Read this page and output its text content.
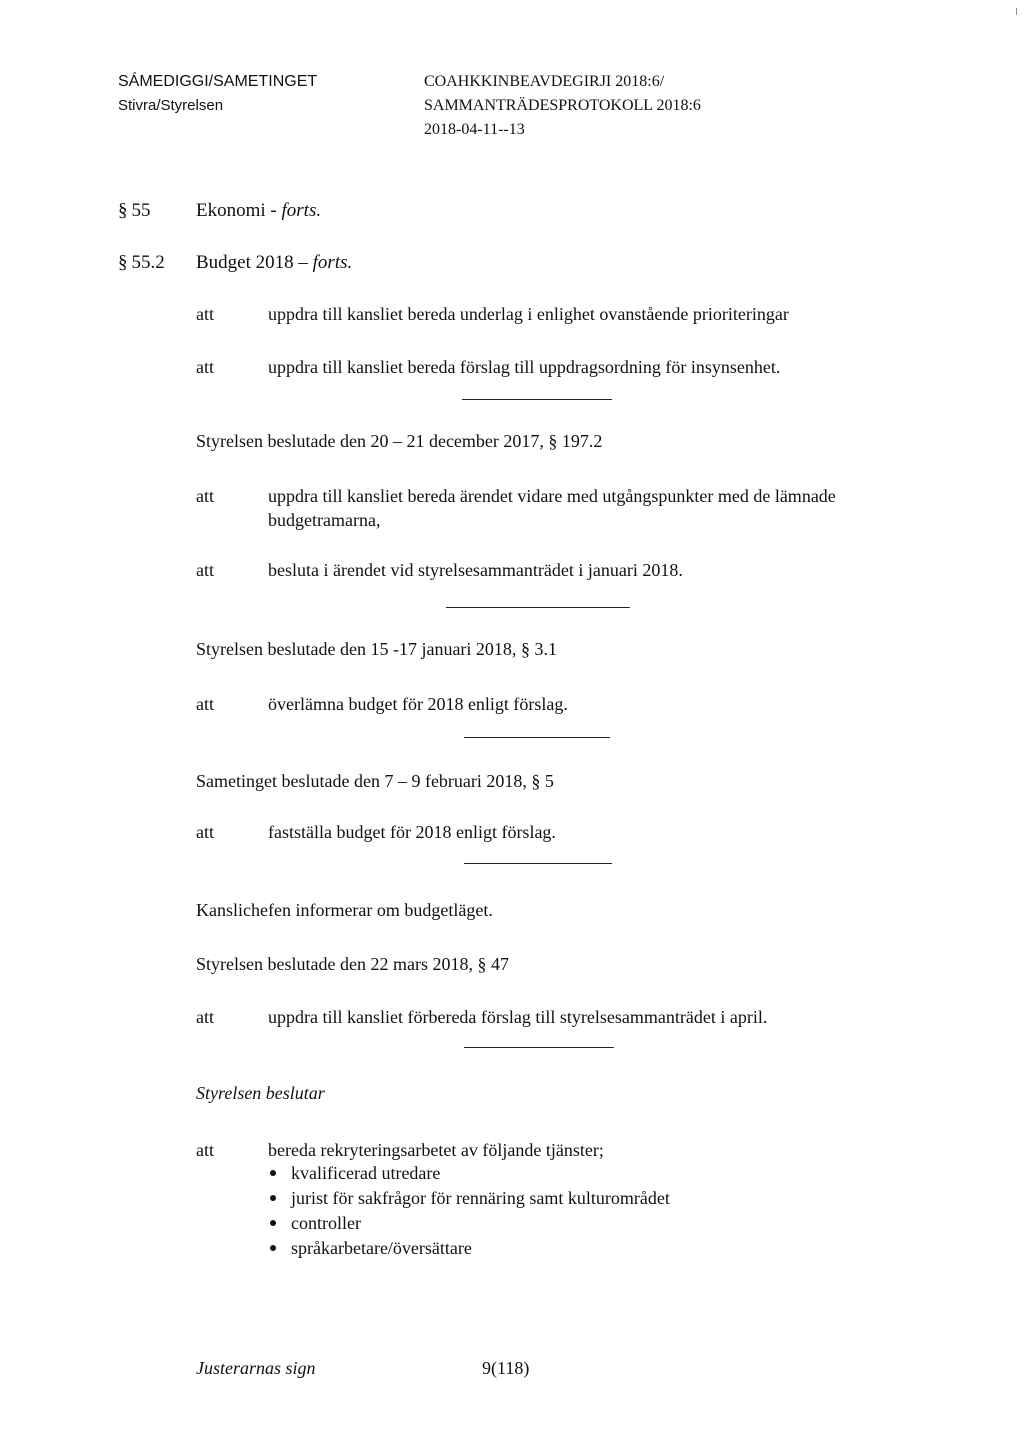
SÁMEDIGGI/SAMETINGET
Stivra/Styrelsen
COAHKKINBEAVDEGIRJI 2018:6/
SAMMANTRÄDESPROTOKOLL 2018:6
2018-04-11--13
§ 55 Ekonomi - forts.
§ 55.2 Budget 2018 – forts.
att	uppdra till kansliet bereda underlag i enlighet ovanstående prioriteringar
att	uppdra till kansliet bereda förslag till uppdragsordning för insynsenhet.
Styrelsen beslutade den 20 – 21 december 2017, § 197.2
att	uppdra till kansliet bereda ärendet vidare med utgångspunkter med de lämnade
budgetramarna,
att	besluta i ärendet vid styrelsesammanträdet i januari 2018.
Styrelsen beslutade den 15 -17 januari 2018, § 3.1
att	överlämna budget för 2018 enligt förslag.
Sametinget beslutade den 7 – 9 februari 2018, § 5
att	fastställa budget för 2018 enligt förslag.
Kanslichefen informerar om budgetläget.
Styrelsen beslutade den 22 mars 2018, § 47
att	uppdra till kansliet förbereda förslag till styrelsesammanträdet i april.
Styrelsen beslutar
att	bereda rekryteringsarbetet av följande tjänster;
kvalificerad utredare
jurist för sakfrågor för rennäring samt kulturområdet
controller
språkarbetare/översättare
Justerarnas sign	9(118)
